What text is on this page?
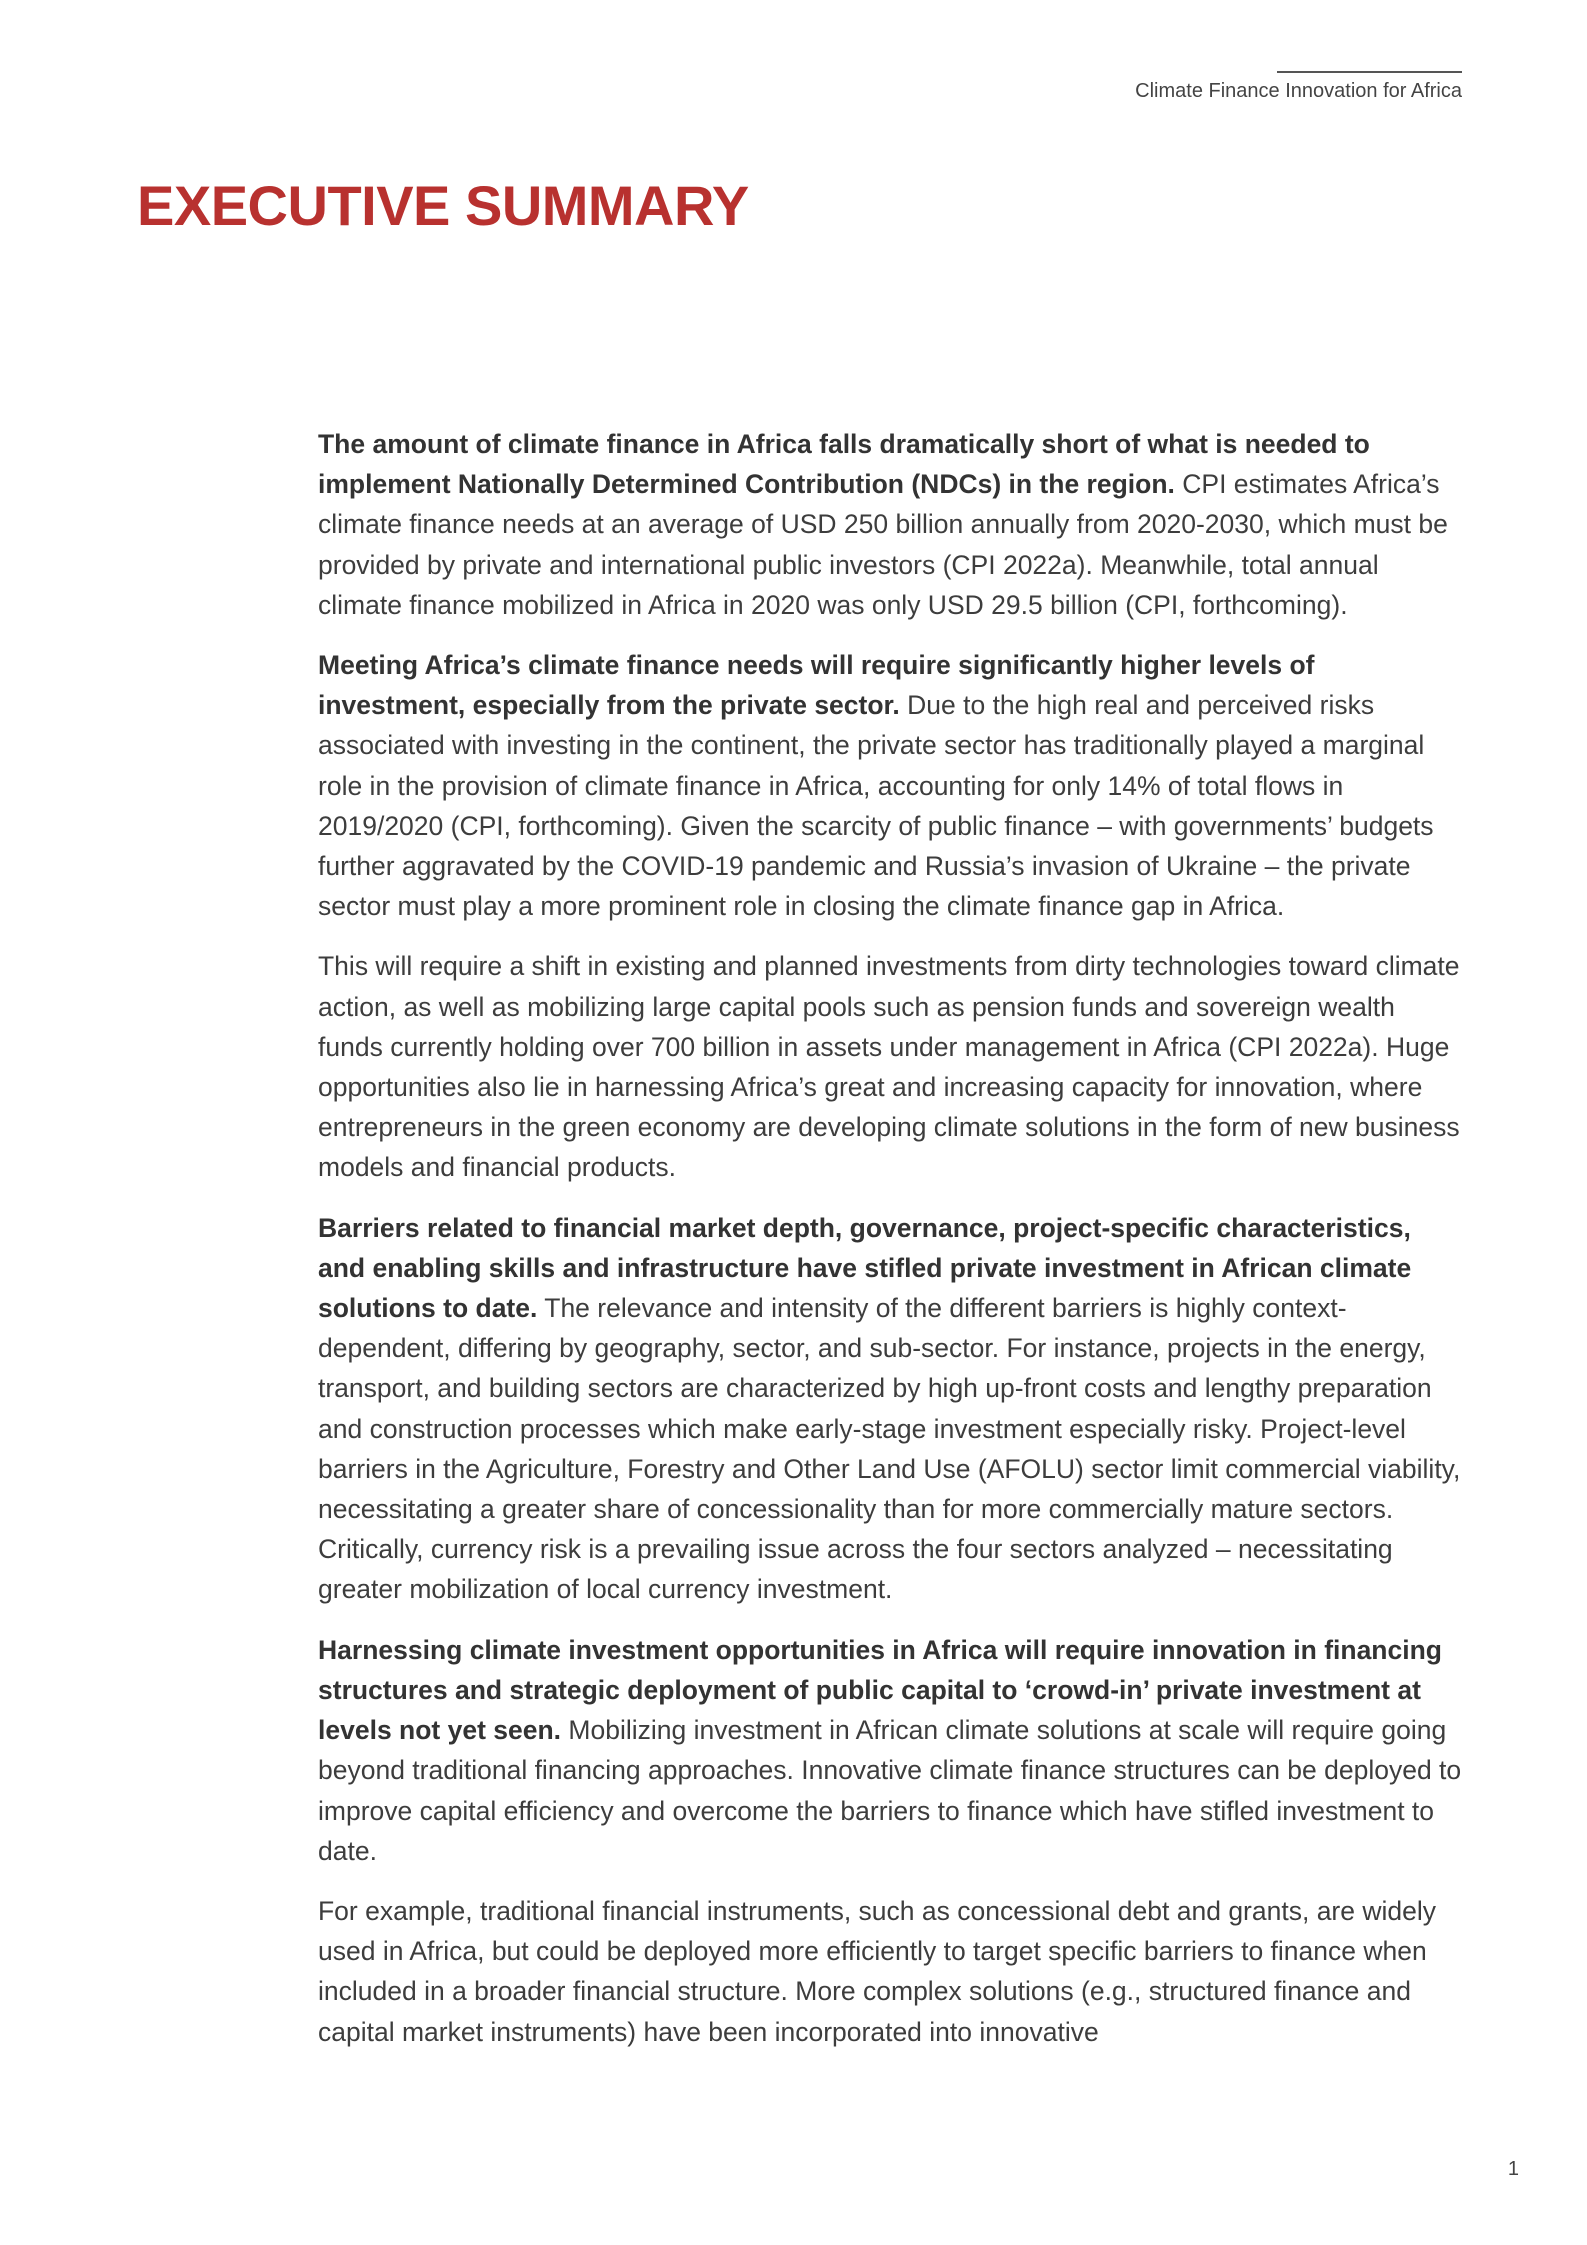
Climate Finance Innovation for Africa
EXECUTIVE SUMMARY

The amount of climate finance in Africa falls dramatically short of what is needed to implement Nationally Determined Contribution (NDCs) in the region. CPI estimates Africa’s climate finance needs at an average of USD 250 billion annually from 2020-2030, which must be provided by private and international public investors (CPI 2022a). Meanwhile, total annual climate finance mobilized in Africa in 2020 was only USD 29.5 billion (CPI, forthcoming).

Meeting Africa’s climate finance needs will require significantly higher levels of investment, especially from the private sector. Due to the high real and perceived risks associated with investing in the continent, the private sector has traditionally played a marginal role in the provision of climate finance in Africa, accounting for only 14% of total flows in 2019/2020 (CPI, forthcoming). Given the scarcity of public finance – with governments’ budgets further aggravated by the COVID-19 pandemic and Russia’s invasion of Ukraine – the private sector must play a more prominent role in closing the climate finance gap in Africa.

This will require a shift in existing and planned investments from dirty technologies toward climate action, as well as mobilizing large capital pools such as pension funds and sovereign wealth funds currently holding over 700 billion in assets under management in Africa (CPI 2022a). Huge opportunities also lie in harnessing Africa’s great and increasing capacity for innovation, where entrepreneurs in the green economy are developing climate solutions in the form of new business models and financial products.

Barriers related to financial market depth, governance, project-specific characteristics, and enabling skills and infrastructure have stifled private investment in African climate solutions to date. The relevance and intensity of the different barriers is highly context-dependent, differing by geography, sector, and sub-sector. For instance, projects in the energy, transport, and building sectors are characterized by high up-front costs and lengthy preparation and construction processes which make early-stage investment especially risky. Project-level barriers in the Agriculture, Forestry and Other Land Use (AFOLU) sector limit commercial viability, necessitating a greater share of concessionality than for more commercially mature sectors. Critically, currency risk is a prevailing issue across the four sectors analyzed – necessitating greater mobilization of local currency investment.

Harnessing climate investment opportunities in Africa will require innovation in financing structures and strategic deployment of public capital to ‘crowd-in’ private investment at levels not yet seen. Mobilizing investment in African climate solutions at scale will require going beyond traditional financing approaches. Innovative climate finance structures can be deployed to improve capital efficiency and overcome the barriers to finance which have stifled investment to date.

For example, traditional financial instruments, such as concessional debt and grants, are widely used in Africa, but could be deployed more efficiently to target specific barriers to finance when included in a broader financial structure. More complex solutions (e.g., structured finance and capital market instruments) have been incorporated into innovative

1
